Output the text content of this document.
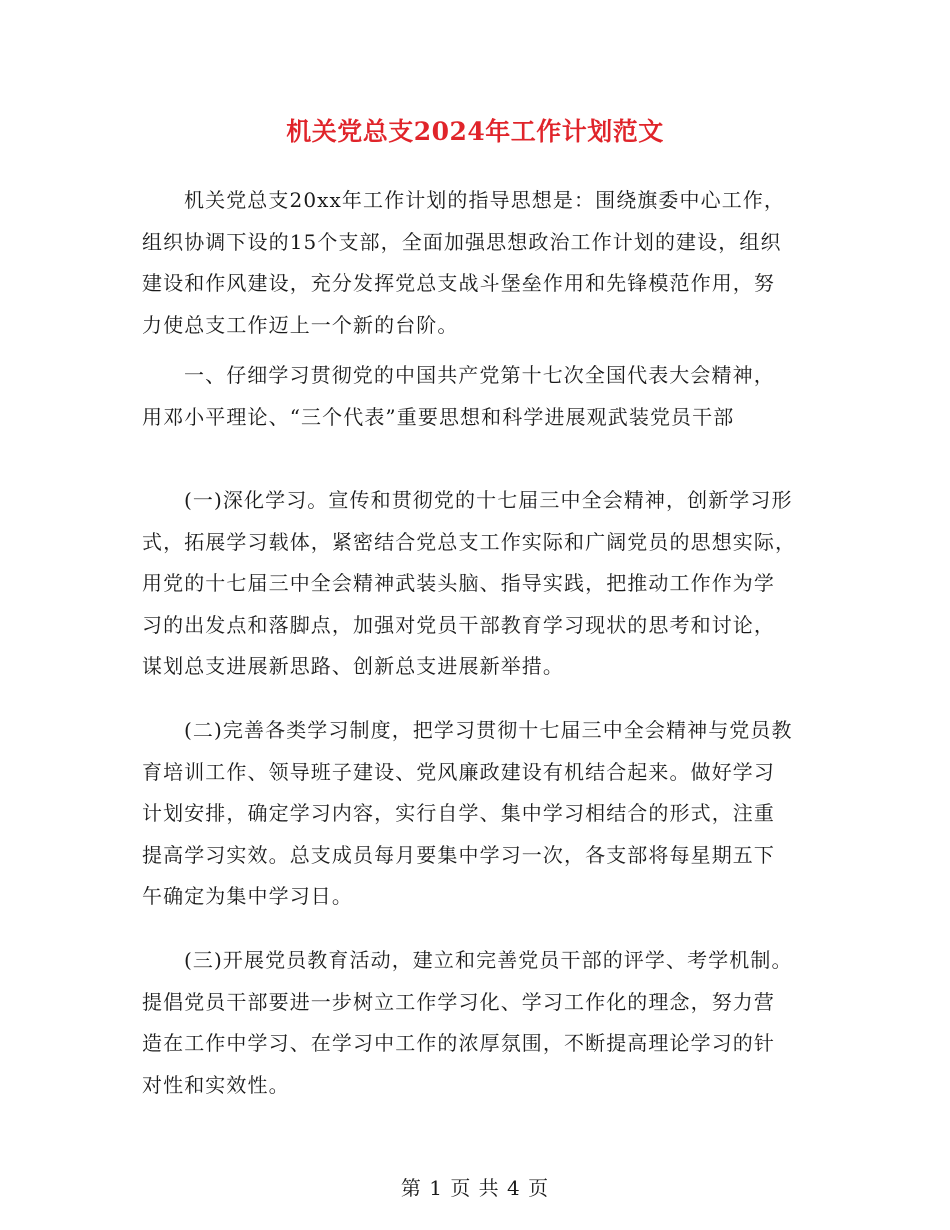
机关党总支2024年工作计划范文
机关党总支20xx年工作计划的指导思想是：围绕旗委中心工作，
组织协调下设的15个支部，全面加强思想政治工作计划的建设，组织
建设和作风建设，充分发挥党总支战斗堡垒作用和先锋模范作用，努
力使总支工作迈上一个新的台阶。
一、仔细学习贯彻党的中国共产党第十七次全国代表大会精神，
用邓小平理论、“三个代表”重要思想和科学进展观武装党员干部
(一)深化学习。宣传和贯彻党的十七届三中全会精神，创新学习形
式，拓展学习载体，紧密结合党总支工作实际和广阔党员的思想实际，
用党的十七届三中全会精神武装头脑、指导实践，把推动工作作为学
习的出发点和落脚点，加强对党员干部教育学习现状的思考和讨论，
谋划总支进展新思路、创新总支进展新举措。
(二)完善各类学习制度，把学习贯彻十七届三中全会精神与党员教
育培训工作、领导班子建设、党风廉政建设有机结合起来。做好学习
计划安排，确定学习内容，实行自学、集中学习相结合的形式，注重
提高学习实效。总支成员每月要集中学习一次，各支部将每星期五下
午确定为集中学习日。
(三)开展党员教育活动，建立和完善党员干部的评学、考学机制。
提倡党员干部要进一步树立工作学习化、学习工作化的理念，努力营
造在工作中学习、在学习中工作的浓厚氛围，不断提高理论学习的针
对性和实效性。
第 1 页 共 4 页
